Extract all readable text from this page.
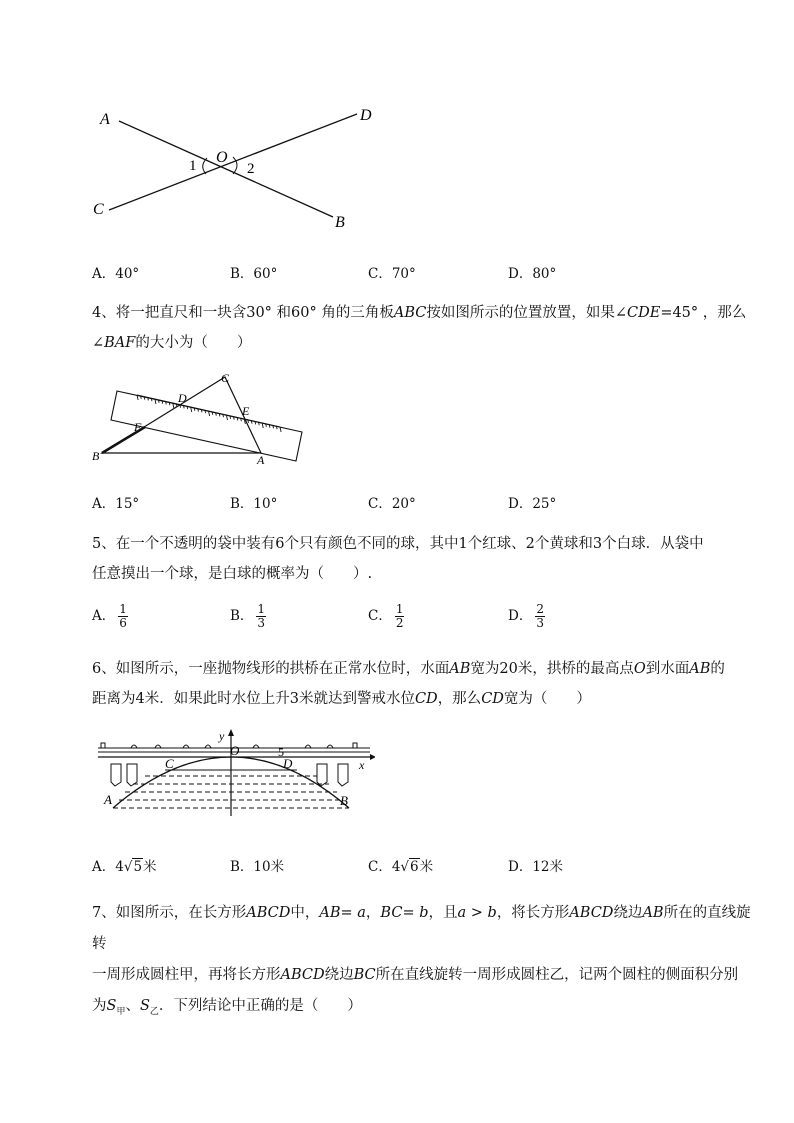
A	D
C
B
O
1	2
A．40°	B．60°	C．70°	D．80°
4、将一把直尺和一块含30° 和60° 角的三角板ABC按如图所示的位置放置，如果∠CDE=45° ，那么
∠BAF的大小为（　　）
C
D
E
F
B	A
A．15°	B．10°	C．20°	D．25°
5、在一个不透明的袋中装有6个只有颜色不同的球，其中1个红球、2个黄球和3个白球．从袋中
任意摸出一个球，是白球的概率为（　　）.
A． $\frac{1}{6}$	B． $\frac{1}{3}$	C． $\frac{1}{2}$	D． $\frac{2}{3}$
6、如图所示，一座抛物线形的拱桥在正常水位时，水面AB宽为20米，拱桥的最高点O到水面AB的
距离为4米．如果此时水位上升3米就达到警戒水位CD，那么CD宽为（　　）
y
O	5
x
C	D
A	B
A．4√5米	B．10米	C．4√6米	D．12米
7、如图所示，在长方形ABCD中，AB= a，BC= b，且a > b，将长方形ABCD绕边AB所在的直线旋转
一周形成圆柱甲，再将长方形ABCD绕边BC所在直线旋转一周形成圆柱乙，记两个圆柱的侧面积分别
为$S_甲$、$S_乙$．下列结论中正确的是（　　）
